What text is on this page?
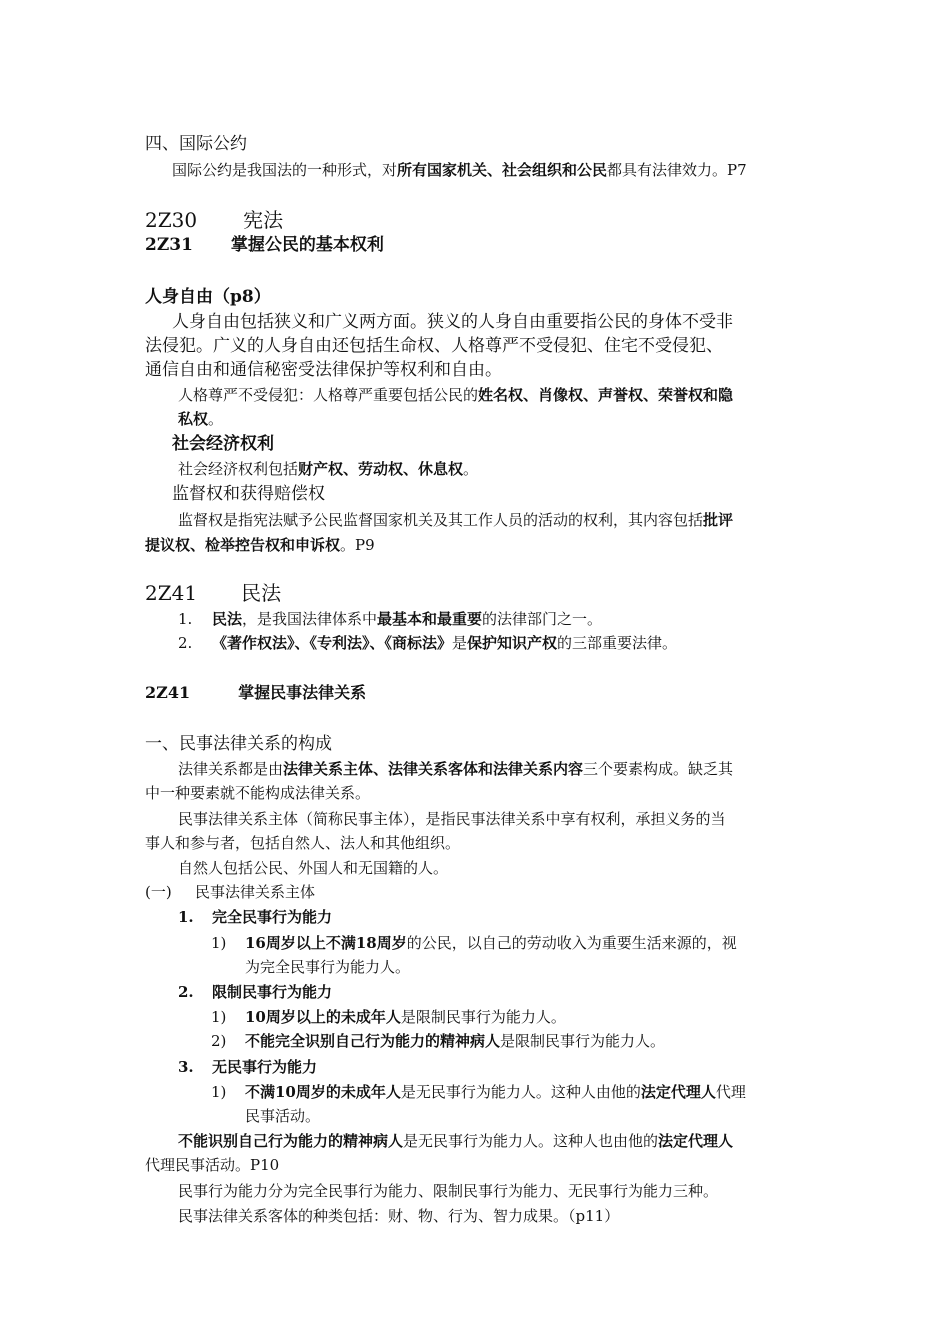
四、国际公约
国际公约是我国法的一种形式，对所有国家机关、社会组织和公民都具有法律效力。P7
2Z30 宪法
2Z31 掌握公民的基本权利
人身自由（p8）
人身自由包括狭义和广义两方面。狭义的人身自由重要指公民的身体不受非
法侵犯。广义的人身自由还包括生命权、人格尊严不受侵犯、住宅不受侵犯、
通信自由和通信秘密受法律保护等权利和自由。
人格尊严不受侵犯：人格尊严重要包括公民的姓名权、肖像权、声誉权、荣誉权和隐
私权。
社会经济权利
社会经济权利包括财产权、劳动权、休息权。
监督权和获得赔偿权
监督权是指宪法赋予公民监督国家机关及其工作人员的活动的权利，其内容包括批评
提议权、检举控告权和申诉权。P9
2Z41 民法
1. 民法，是我国法律体系中最基本和最重要的法律部门之一。
2. 《著作权法》、《专利法》、《商标法》是保护知识产权的三部重要法律。
2Z41	掌握民事法律关系
一、民事法律关系的构成
法律关系都是由法律关系主体、法律关系客体和法律关系内容三个要素构成。缺乏其
中一种要素就不能构成法律关系。
民事法律关系主体（简称民事主体），是指民事法律关系中享有权利，承担义务的当
事人和参与者，包括自然人、法人和其他组织。
自然人包括公民、外国人和无国籍的人。
(一) 民事法律关系主体
1. 完全民事行为能力
1) 16周岁以上不满18周岁的公民，以自己的劳动收入为重要生活来源的，视
为完全民事行为能力人。
2. 限制民事行为能力
1) 10周岁以上的未成年人是限制民事行为能力人。
2) 不能完全识别自己行为能力的精神病人是限制民事行为能力人。
3. 无民事行为能力
1) 不满10周岁的未成年人是无民事行为能力人。这种人由他的法定代理人代理
民事活动。
不能识别自己行为能力的精神病人是无民事行为能力人。这种人也由他的法定代理人
代理民事活动。P10
民事行为能力分为完全民事行为能力、限制民事行为能力、无民事行为能力三种。
民事法律关系客体的种类包括：财、物、行为、智力成果。（p11）
